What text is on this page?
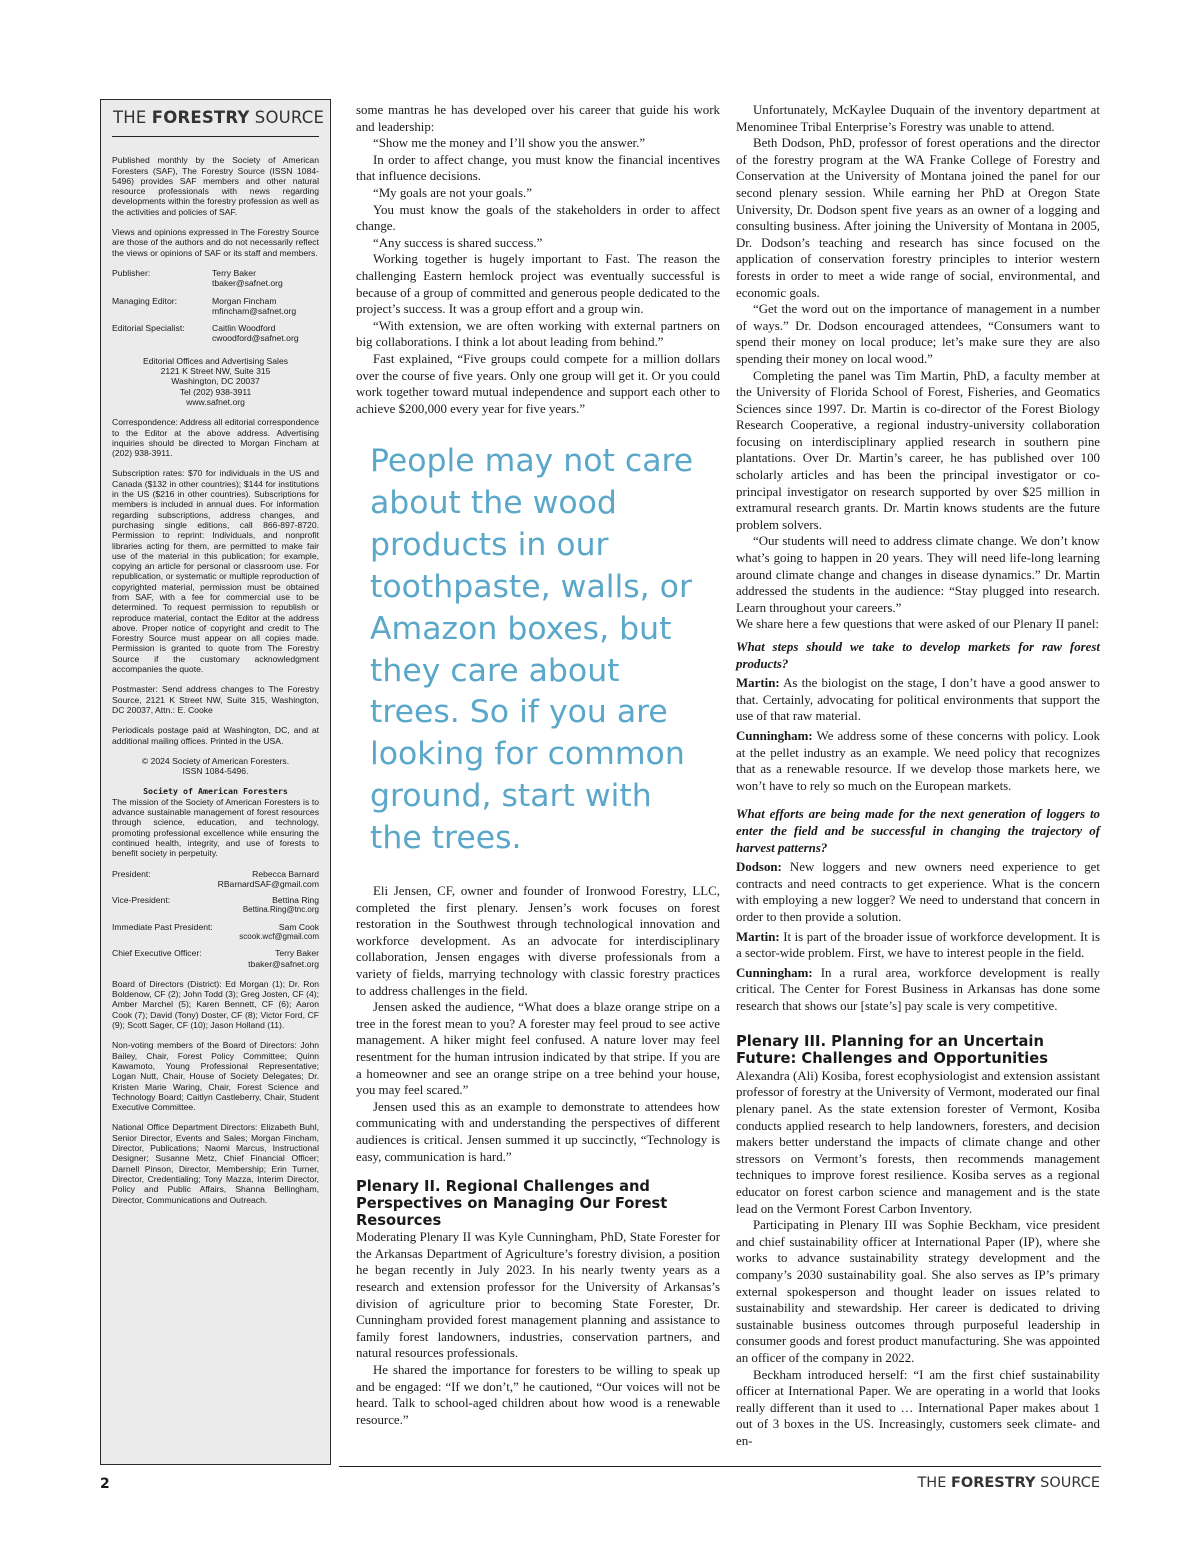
THE FORESTRY SOURCE

Published monthly by the Society of American Foresters (SAF), The Forestry Source (ISSN 1084-5496) provides SAF members and other natural resource professionals with news regarding developments within the forestry profession as well as the activities and policies of SAF.

Views and opinions expressed in The Forestry Source are those of the authors and do not necessarily reflect the views or opinions of SAF or its staff and members.

Publisher:	Terry Baker
tbaker@safnet.org
Managing Editor:	Morgan Fincham
mfincham@safnet.org
Editorial Specialist:	Caitlin Woodford
cwoodford@safnet.org

Editorial Offices and Advertising Sales
2121 K Street NW, Suite 315
Washington, DC 20037
Tel (202) 938-3911
www.safnet.org

Correspondence: Address all editorial correspondence to the Editor at the above address. Advertising inquiries should be directed to Morgan Fincham at (202) 938-3911.

Subscription rates: $70 for individuals in the US and Canada ($132 in other countries); $144 for institutions in the US ($216 in other countries). Subscriptions for members is included in annual dues. For information regarding subscriptions, address changes, and purchasing single editions, call 866-897-8720. Permission to reprint: Individuals, and nonprofit libraries acting for them, are permitted to make fair use of the material in this publication; for example, copying an article for personal or classroom use. For republication, or systematic or multiple reproduction of copyrighted material, permission must be obtained from SAF, with a fee for commercial use to be determined. To request permission to republish or reproduce material, contact the Editor at the address above. Proper notice of copyright and credit to The Forestry Source must appear on all copies made. Permission is granted to quote from The Forestry Source if the customary acknowledgment accompanies the quote.

Postmaster: Send address changes to The Forestry Source, 2121 K Street NW, Suite 315, Washington, DC 20037, Attn.: E. Cooke

Periodicals postage paid at Washington, DC, and at additional mailing offices. Printed in the USA.

© 2024 Society of American Foresters.
ISSN 1084-5496.

Society of American Foresters

The mission of the Society of American Foresters is to advance sustainable management of forest resources through science, education, and technology, promoting professional excellence while ensuring the continued health, integrity, and use of forests to benefit society in perpetuity.

President:	Rebecca Barnard
RBarnardSAF@gmail.com
Vice-President:	Bettina Ring
Bettina.Ring@tnc.org
Immediate Past President:	Sam Cook
scook.wcf@gmail.com
Chief Executive Officer:	Terry Baker
tbaker@safnet.org

Board of Directors (District): Ed Morgan (1); Dr. Ron Boldenow, CF (2); John Todd (3); Greg Josten, CF (4); Amber Marchel (5); Karen Bennett, CF (6); Aaron Cook (7); David (Tony) Doster, CF (8); Victor Ford, CF (9); Scott Sager, CF (10); Jason Holland (11).

Non-voting members of the Board of Directors: John Bailey, Chair, Forest Policy Committee; Quinn Kawamoto, Young Professional Representative; Logan Nutt, Chair, House of Society Delegates; Dr. Kristen Marie Waring, Chair, Forest Science and Technology Board; Caitlyn Castleberry, Chair, Student Executive Committee.

National Office Department Directors: Elizabeth Buhl, Senior Director, Events and Sales; Morgan Fincham, Director, Publications; Naomi Marcus, Instructional Designer; Susanne Metz, Chief Financial Officer; Darnell Pinson, Director, Membership; Erin Turner, Director, Credentialing; Tony Mazza, Interim Director, Policy and Public Affairs, Shanna Bellingham, Director, Communications and Outreach.

some mantras he has developed over his career that guide his work and leadership:

“Show me the money and I’ll show you the answer.”

In order to affect change, you must know the financial incentives that influence decisions.

“My goals are not your goals.”

You must know the goals of the stakeholders in order to affect change.

“Any success is shared success.”

Working together is hugely important to Fast. The reason the challenging Eastern hemlock project was eventually successful is because of a group of committed and generous people dedicated to the project’s success. It was a group effort and a group win.

“With extension, we are often working with external partners on big collaborations. I think a lot about leading from behind.”

Fast explained, “Five groups could compete for a million dollars over the course of five years. Only one group will get it. Or you could work together toward mutual independence and support each other to achieve $200,000 every year for five years.”

People may not care about the wood products in our toothpaste, walls, or Amazon boxes, but they care about trees. So if you are looking for common ground, start with the trees.

Eli Jensen, CF, owner and founder of Ironwood Forestry, LLC, completed the first plenary. Jensen’s work focuses on forest restoration in the Southwest through technological innovation and workforce development. As an advocate for interdisciplinary collaboration, Jensen engages with diverse professionals from a variety of fields, marrying technology with classic forestry practices to address challenges in the field.

Jensen asked the audience, “What does a blaze orange stripe on a tree in the forest mean to you? A forester may feel proud to see active management. A hiker might feel confused. A nature lover may feel resentment for the human intrusion indicated by that stripe. If you are a homeowner and see an orange stripe on a tree behind your house, you may feel scared.”

Jensen used this as an example to demonstrate to attendees how communicating with and understanding the perspectives of different audiences is critical. Jensen summed it up succinctly, “Technology is easy, communication is hard.”

Plenary II. Regional Challenges and Perspectives on Managing Our Forest Resources

Moderating Plenary II was Kyle Cunningham, PhD, State Forester for the Arkansas Department of Agriculture’s forestry division, a position he began recently in July 2023. In his nearly twenty years as a research and extension professor for the University of Arkansas’s division of agriculture prior to becoming State Forester, Dr. Cunningham provided forest management planning and assistance to family forest landowners, industries, conservation partners, and natural resources professionals.

He shared the importance for foresters to be willing to speak up and be engaged: “If we don’t,” he cautioned, “Our voices will not be heard. Talk to school-aged children about how wood is a renewable resource.”

Unfortunately, McKaylee Duquain of the inventory department at Menominee Tribal Enterprise’s Forestry was unable to attend.

Beth Dodson, PhD, professor of forest operations and the director of the forestry program at the WA Franke College of Forestry and Conservation at the University of Montana joined the panel for our second plenary session. While earning her PhD at Oregon State University, Dr. Dodson spent five years as an owner of a logging and consulting business. After joining the University of Montana in 2005, Dr. Dodson’s teaching and research has since focused on the application of conservation forestry principles to interior western forests in order to meet a wide range of social, environmental, and economic goals.

“Get the word out on the importance of management in a number of ways.” Dr. Dodson encouraged attendees, “Consumers want to spend their money on local produce; let’s make sure they are also spending their money on local wood.”

Completing the panel was Tim Martin, PhD, a faculty member at the University of Florida School of Forest, Fisheries, and Geomatics Sciences since 1997. Dr. Martin is co-director of the Forest Biology Research Cooperative, a regional industry-university collaboration focusing on interdisciplinary applied research in southern pine plantations. Over Dr. Martin’s career, he has published over 100 scholarly articles and has been the principal investigator or co-principal investigator on research supported by over $25 million in extramural research grants. Dr. Martin knows students are the future problem solvers.

“Our students will need to address climate change. We don’t know what’s going to happen in 20 years. They will need life-long learning around climate change and changes in disease dynamics.” Dr. Martin addressed the students in the audience: “Stay plugged into research. Learn throughout your careers.”

We share here a few questions that were asked of our Plenary II panel:

What steps should we take to develop markets for raw forest products?

Martin: As the biologist on the stage, I don’t have a good answer to that. Certainly, advocating for political environments that support the use of that raw material.

Cunningham: We address some of these concerns with policy. Look at the pellet industry as an example. We need policy that recognizes that as a renewable resource. If we develop those markets here, we won’t have to rely so much on the European markets.

What efforts are being made for the next generation of loggers to enter the field and be successful in changing the trajectory of harvest patterns?

Dodson: New loggers and new owners need experience to get contracts and need contracts to get experience. What is the concern with employing a new logger? We need to understand that concern in order to then provide a solution.

Martin: It is part of the broader issue of workforce development. It is a sector-wide problem. First, we have to interest people in the field.

Cunningham: In a rural area, workforce development is really critical. The Center for Forest Business in Arkansas has done some research that shows our [state’s] pay scale is very competitive.

Plenary III. Planning for an Uncertain Future: Challenges and Opportunities

Alexandra (Ali) Kosiba, forest ecophysiologist and extension assistant professor of forestry at the University of Vermont, moderated our final plenary panel. As the state extension forester of Vermont, Kosiba conducts applied research to help landowners, foresters, and decision makers better understand the impacts of climate change and other stressors on Vermont’s forests, then recommends management techniques to improve forest resilience. Kosiba serves as a regional educator on forest carbon science and management and is the state lead on the Vermont Forest Carbon Inventory.

Participating in Plenary III was Sophie Beckham, vice president and chief sustainability officer at International Paper (IP), where she works to advance sustainability strategy development and the company’s 2030 sustainability goal. She also serves as IP’s primary external spokesperson and thought leader on issues related to sustainability and stewardship. Her career is dedicated to driving sustainable business outcomes through purposeful leadership in consumer goods and forest product manufacturing. She was appointed an officer of the company in 2022.

Beckham introduced herself: “I am the first chief sustainability officer at International Paper. We are operating in a world that looks really different than it used to … International Paper makes about 1 out of 3 boxes in the US. Increasingly, customers seek climate- and en-

2	THE FORESTRY SOURCE
